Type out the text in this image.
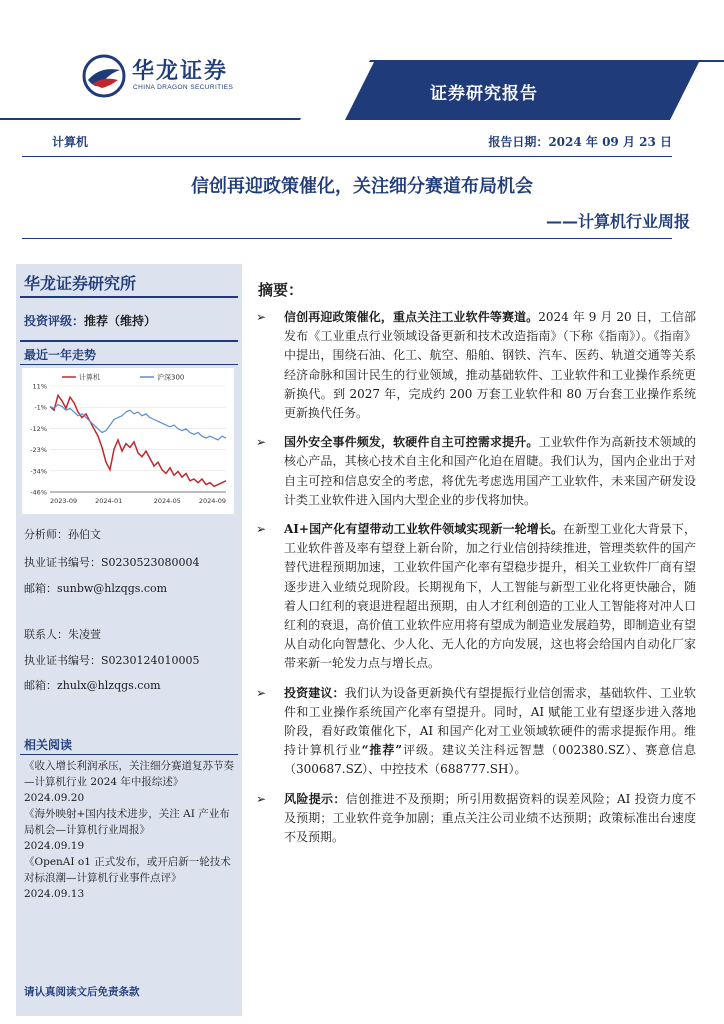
华龙证券
CHINA DRAGON SECURITIES	证券研究报告
计算机	报告日期：2024 年 09 月 23 日
信创再迎政策催化，关注细分赛道布局机会
——计算机行业周报
华龙证券研究所
投资评级：推荐（维持）
最近一年走势
11%
-1%
-12%
-23%
-34%
-46%
2023-09	2024-01	2024-05	2024-09
计算机	沪深300
分析师：孙伯文
执业证书编号：S0230523080004
邮箱：sunbw@hlzqgs.com
联系人：朱凌萱
执业证书编号：S0230124010005
邮箱：zhulx@hlzqgs.com
相关阅读
《收入增长利润承压，关注细分赛道复苏节奏—计算机行业 2024 年中报综述》
2024.09.20
《海外映射+国内技术进步，关注 AI 产业布局机会—计算机行业周报》
2024.09.19
《OpenAI o1 正式发布，或开启新一轮技术对标浪潮—计算机行业事件点评》
2024.09.13
请认真阅读文后免责条款
摘要：
➢ 信创再迎政策催化，重点关注工业软件等赛道。2024 年 9 月 20 日，工信部发布《工业重点行业领域设备更新和技术改造指南》（下称《指南》）。《指南》中提出，围绕石油、化工、航空、船舶、钢铁、汽车、医药、轨道交通等关系经济命脉和国计民生的行业领域，推动基础软件、工业软件和工业操作系统更新换代。到 2027 年，完成约 200 万套工业软件和 80 万台套工业操作系统更新换代任务。
➢ 国外安全事件频发，软硬件自主可控需求提升。工业软件作为高新技术领域的核心产品，其核心技术自主化和国产化迫在眉睫。我们认为，国内企业出于对自主可控和信息安全的考虑，将优先考虑选用国产工业软件，未来国产研发设计类工业软件进入国内大型企业的步伐将加快。
➢ AI+国产化有望带动工业软件领域实现新一轮增长。在新型工业化大背景下，工业软件普及率有望登上新台阶，加之行业信创持续推进，管理类软件的国产替代进程预期加速，工业软件国产化率有望稳步提升，相关工业软件厂商有望逐步进入业绩兑现阶段。长期视角下，人工智能与新型工业化将更快融合，随着人口红利的衰退进程超出预期，由人才红利创造的工业人工智能将对冲人口红利的衰退，高价值工业软件应用将有望成为制造业发展趋势，即制造业有望从自动化向智慧化、少人化、无人化的方向发展，这也将会给国内自动化厂家带来新一轮发力点与增长点。
➢ 投资建议：我们认为设备更新换代有望提振行业信创需求，基础软件、工业软件和工业操作系统国产化率有望提升。同时，AI 赋能工业有望逐步进入落地阶段，看好政策催化下，AI 和国产化对工业领域软硬件的需求提振作用。维持计算机行业“推荐”评级。建议关注科远智慧（002380.SZ）、赛意信息（300687.SZ）、中控技术（688777.SH）。
➢ 风险提示：信创推进不及预期；所引用数据资料的误差风险；AI 投资力度不及预期；工业软件竞争加剧；重点关注公司业绩不达预期；政策标准出台速度不及预期。
